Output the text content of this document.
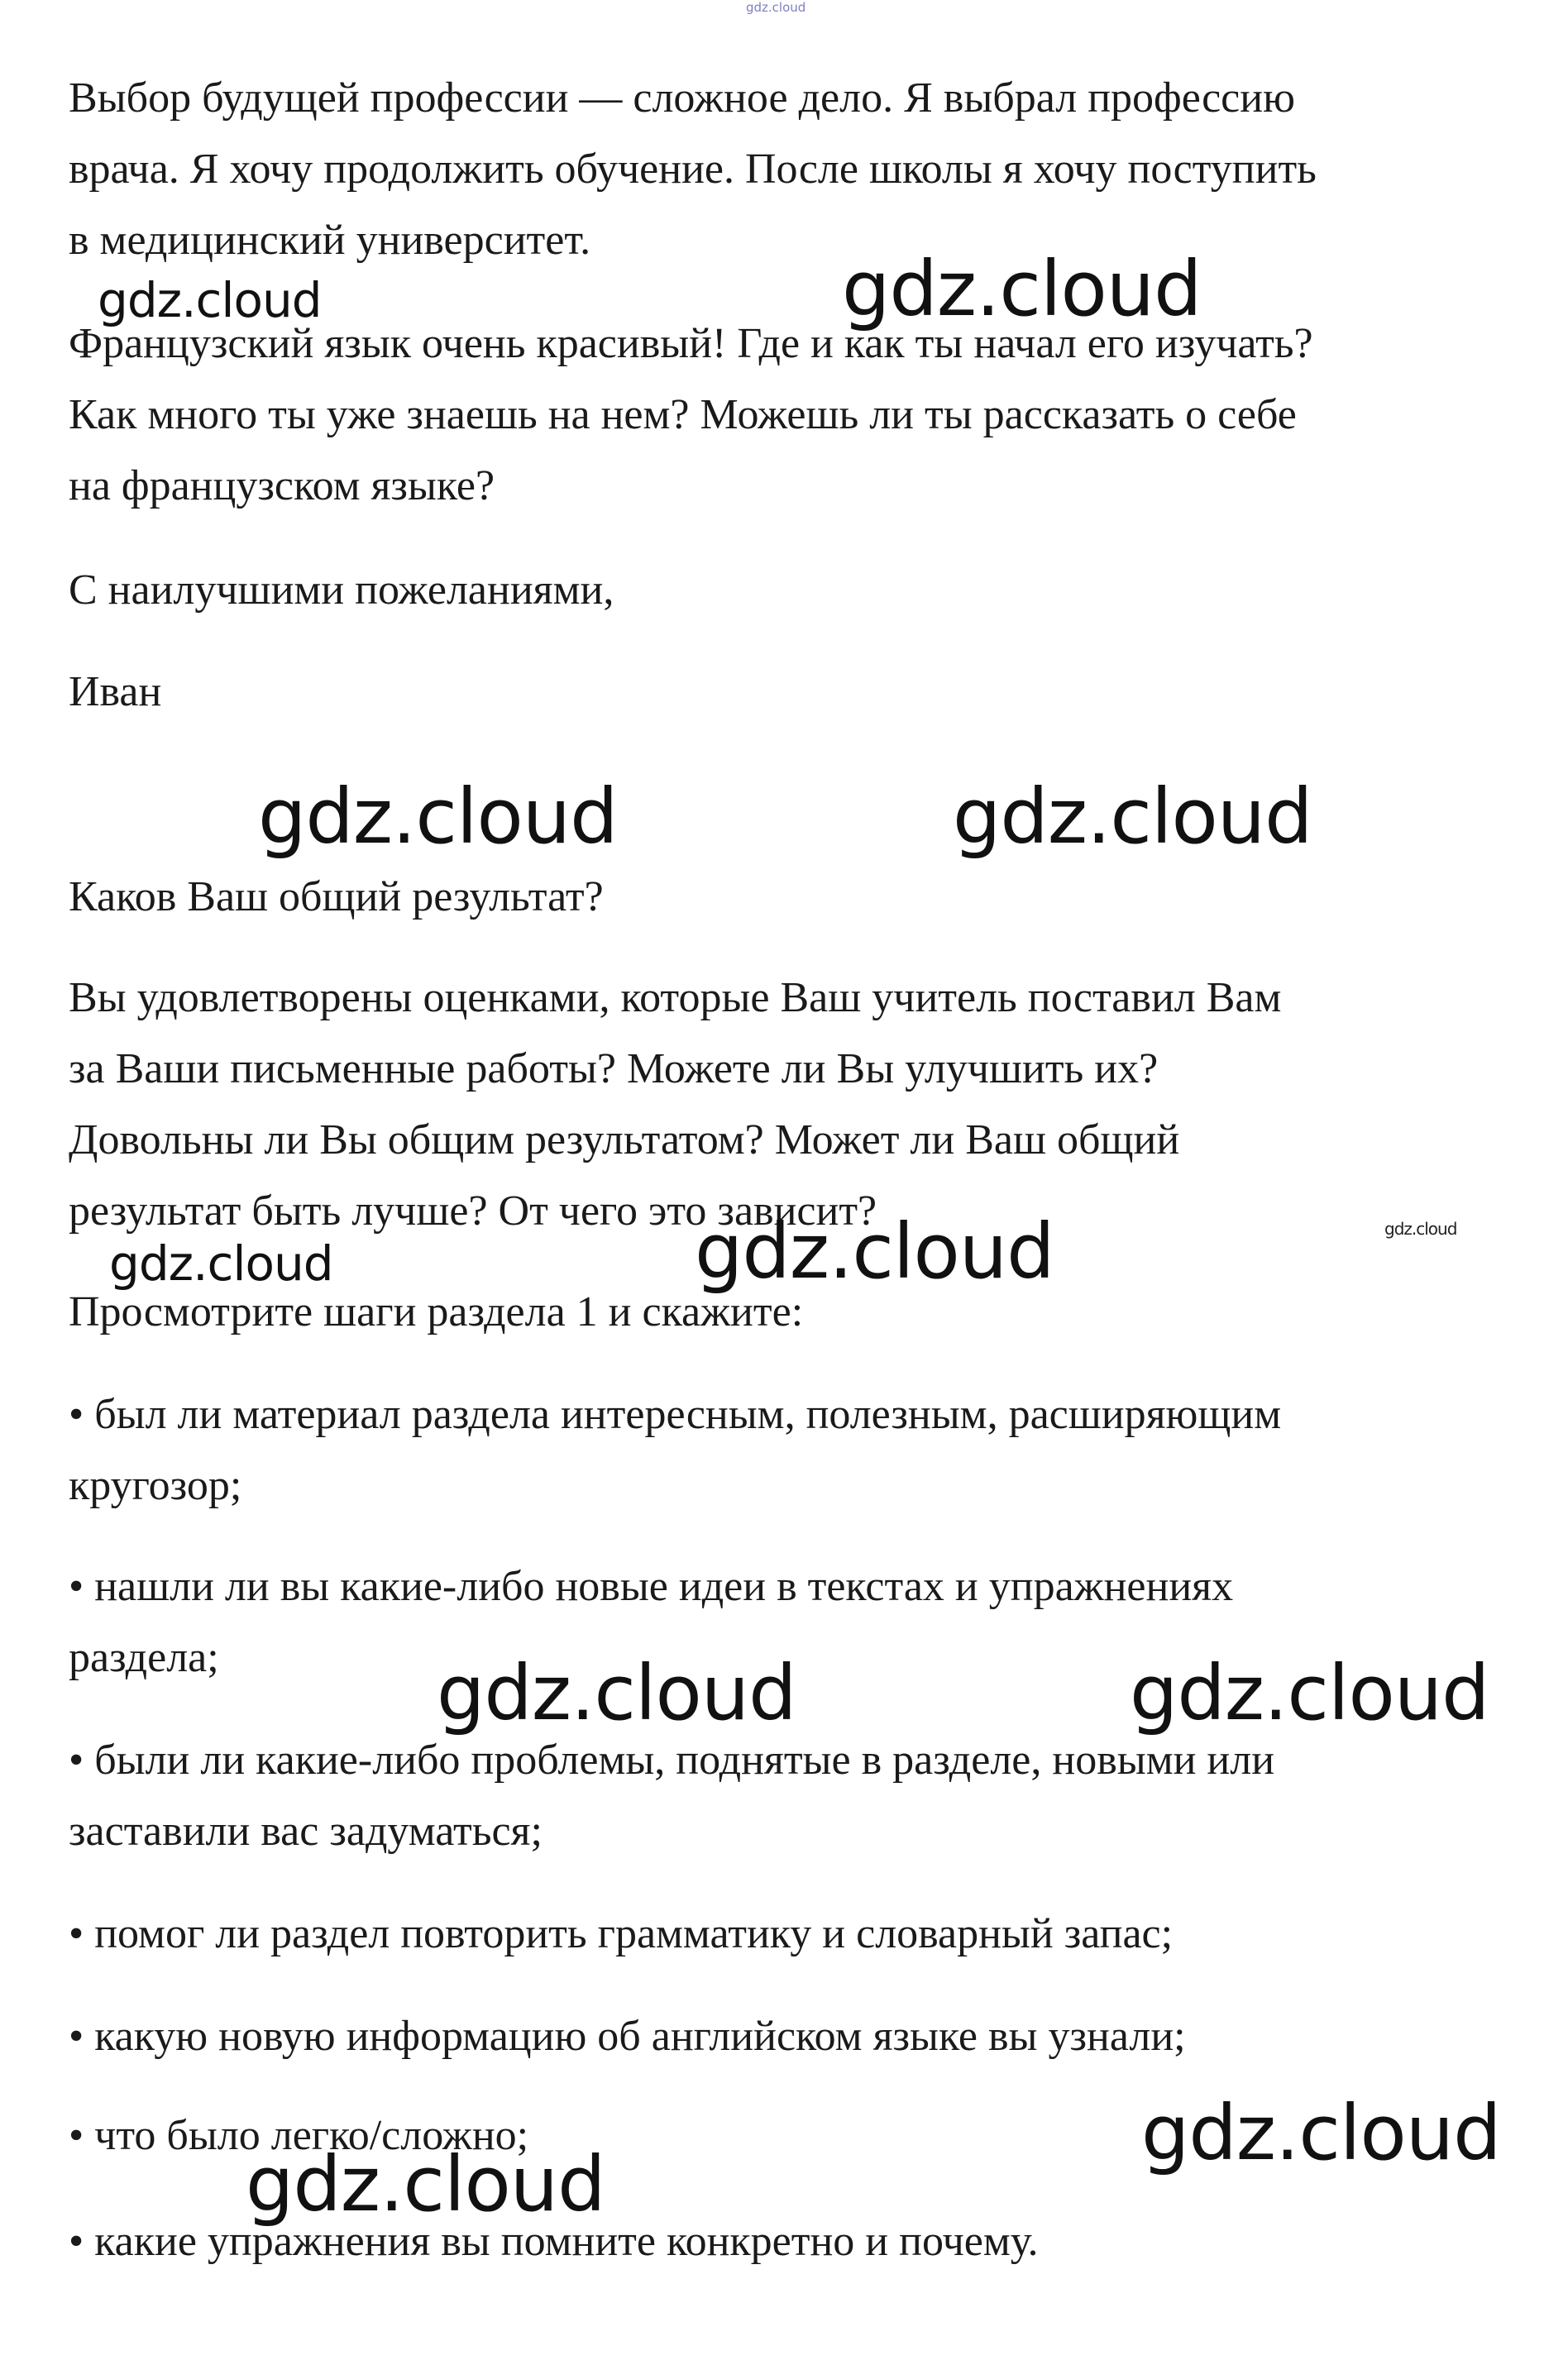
gdz.cloud

Выбор будущей профессии — сложное дело. Я выбрал профессию
врача. Я хочу продолжить обучение. После школы я хочу поступить
в медицинский университет.

Французский язык очень красивый! Где и как ты начал его изучать?
Как много ты уже знаешь на нем? Можешь ли ты рассказать о себе
на французском языке?

С наилучшими пожеланиями,

Иван

Каков Ваш общий результат?

Вы удовлетворены оценками, которые Ваш учитель поставил Вам
за Ваши письменные работы? Можете ли Вы улучшить их?
Довольны ли Вы общим результатом? Может ли Ваш общий
результат быть лучше? От чего это зависит?

Просмотрите шаги раздела 1 и скажите:

• был ли материал раздела интересным, полезным, расширяющим
кругозор;

• нашли ли вы какие-либо новые идеи в текстах и упражнениях
раздела;

• были ли какие-либо проблемы, поднятые в разделе, новыми или
заставили вас задуматься;

• помог ли раздел повторить грамматику и словарный запас;

• какую новую информацию об английском языке вы узнали;

• что было легко/сложно;

• какие упражнения вы помните конкретно и почему.

gdz.cloud	gdz.cloud
gdz.cloud	gdz.cloud
gdz.cloud	gdz.cloud	gdz.cloud
gdz.cloud	gdz.cloud
gdz.cloud
gdz.cloud
